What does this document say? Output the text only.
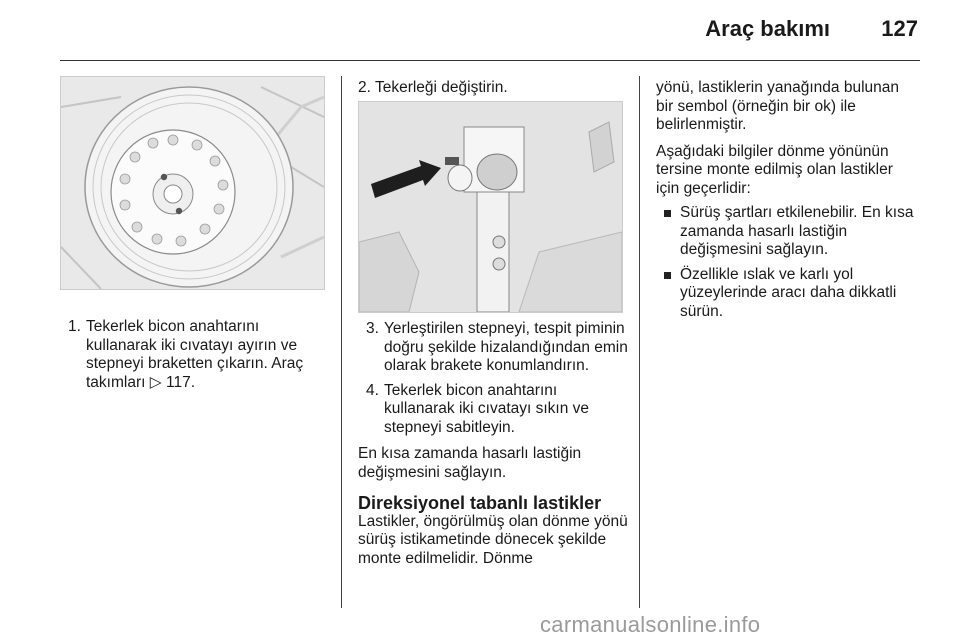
Araç bakımı 127
1. Tekerlek bicon anahtarını kullanarak iki cıvatayı ayırın ve stepneyi braketten çıkarın. Araç takımları ▷ 117.
2. Tekerleği değiştirin.
3. Yerleştirilen stepneyi, tespit piminin doğru şekilde hizalandığından emin olarak brakete konumlandırın.
4. Tekerlek bicon anahtarını kullanarak iki cıvatayı sıkın ve stepneyi sabitleyin.

En kısa zamanda hasarlı lastiğin değişmesini sağlayın.

Direksiyonel tabanlı lastikler

Lastikler, öngörülmüş olan dönme yönü sürüş istikametinde dönecek şekilde monte edilmelidir. Dönme

yönü, lastiklerin yanağında bulunan bir sembol (örneğin bir ok) ile belirlenmiştir.

Aşağıdaki bilgiler dönme yönünün tersine monte edilmiş olan lastikler için geçerlidir:

Sürüş şartları etkilenebilir. En kısa zamanda hasarlı lastiğin değişmesini sağlayın.
Özellikle ıslak ve karlı yol yüzeylerinde aracı daha dikkatli sürün.
carmanualsonline.info
